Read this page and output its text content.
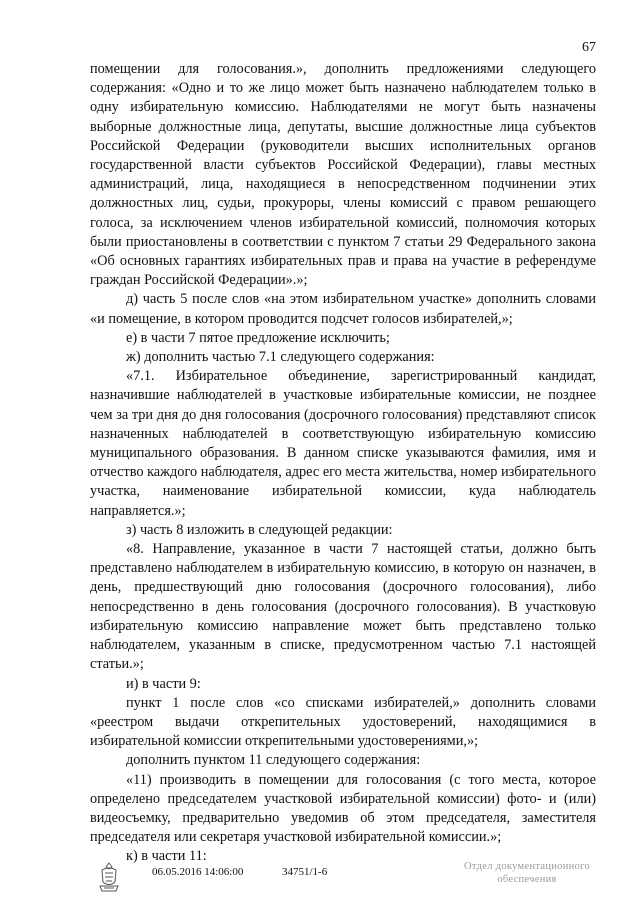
67

помещении для голосования.», дополнить предложениями следующего содержания: «Одно и то же лицо может быть назначено наблюдателем только в одну избирательную комиссию. Наблюдателями не могут быть назначены выборные должностные лица, депутаты, высшие должностные лица субъектов Российской Федерации (руководители высших исполнительных органов государственной власти субъектов Российской Федерации), главы местных администраций, лица, находящиеся в непосредственном подчинении этих должностных лиц, судьи, прокуроры, члены комиссий с правом решающего голоса, за исключением членов избирательной комиссий, полномочия которых были приостановлены в соответствии с пунктом 7 статьи 29 Федерального закона «Об основных гарантиях избирательных прав и права на участие в референдуме граждан Российской Федерации».»;

д) часть 5 после слов «на этом избирательном участке» дополнить словами «и помещение, в котором проводится подсчет голосов избирателей,»;

е) в части 7 пятое предложение исключить;

ж) дополнить частью 7.1 следующего содержания:

«7.1. Избирательное объединение, зарегистрированный кандидат, назначившие наблюдателей в участковые избирательные комиссии, не позднее чем за три дня до дня голосования (досрочного голосования) представляют список назначенных наблюдателей в соответствующую избирательную комиссию муниципального образования. В данном списке указываются фамилия, имя и отчество каждого наблюдателя, адрес его места жительства, номер избирательного участка, наименование избирательной комиссии, куда наблюдатель направляется.»;

з) часть 8 изложить в следующей редакции:

«8. Направление, указанное в части 7 настоящей статьи, должно быть представлено наблюдателем в избирательную комиссию, в которую он назначен, в день, предшествующий дню голосования (досрочного голосования), либо непосредственно в день голосования (досрочного голосования). В участковую избирательную комиссию направление может быть представлено только наблюдателем, указанным в списке, предусмотренном частью 7.1 настоящей статьи.»;

и) в части 9:

пункт 1 после слов «со списками избирателей,» дополнить словами «реестром выдачи открепительных удостоверений, находящимися в избирательной комиссии открепительными удостоверениями,»;

дополнить пунктом 11 следующего содержания:

«11) производить в помещении для голосования (с того места, которое определено председателем участковой избирательной комиссии) фото- и (или) видеосъемку, предварительно уведомив об этом председателя, заместителя председателя или секретаря участковой избирательной комиссии.»;

к) в части 11:

06.05.2016 14:06:00	34751/1-6	Отдел документационного
обеспечения
